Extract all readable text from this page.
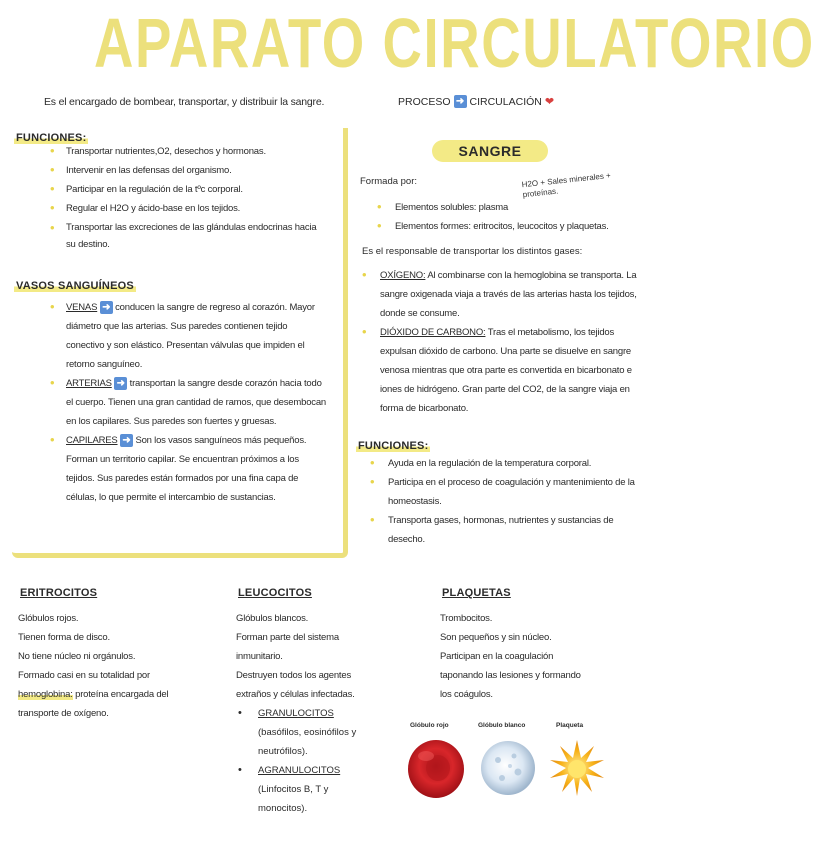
APARATO CIRCULATORIO
Es el encargado de bombear, transportar, y distribuir la sangre.	PROCESO ➜ CIRCULACIÓN ❤
FUNCIONES:
• Transportar nutrientes,O2, desechos y hormonas.
• Intervenir en las defensas del organismo.
• Participar en la regulación de la tºc corporal.
• Regular el H2O y ácido-base en los tejidos.
• Transportar las excreciones de las glándulas endocrinas hacia su destino.
VASOS SANGUÍNEOS
• VENAS ➜ conducen la sangre de regreso al corazón. Mayor diámetro que las arterias. Sus paredes contienen tejido conectivo y son elástico. Presentan válvulas que impiden el retorno sanguíneo.
• ARTERIAS ➜ transportan la sangre desde corazón hacia todo el cuerpo. Tienen una gran cantidad de ramos, que desembocan en los capilares. Sus paredes son fuertes y gruesas.
• CAPILARES ➜ Son los vasos sanguíneos más pequeños. Forman un territorio capilar. Se encuentran próximos a los tejidos. Sus paredes están formados por una fina capa de células, lo que permite el intercambio de sustancias.
SANGRE
Formada por:	H2O + Sales minerales + proteínas.
• Elementos solubles: plasma
• Elementos formes: eritrocitos, leucocitos y plaquetas.
Es el responsable de transportar los distintos gases:
• OXÍGENO: Al combinarse con la hemoglobina se transporta. La sangre oxigenada viaja a través de las arterias hasta los tejidos, donde se consume.
• DIÓXIDO DE CARBONO: Tras el metabolismo, los tejidos expulsan dióxido de carbono. Una parte se disuelve en sangre venosa mientras que otra parte es convertida en bicarbonato e iones de hidrógeno. Gran parte del CO2, de la sangre viaja en forma de bicarbonato.
FUNCIONES:
• Ayuda en la regulación de la temperatura corporal.
• Participa en el proceso de coagulación y mantenimiento de la homeostasis.
• Transporta gases, hormonas, nutrientes y sustancias de desecho.
ERITROCITOS

Glóbulos rojos.

Tienen forma de disco.

No tiene núcleo ni orgánulos.

Formado casi en su totalidad por

hemoglobina: proteína encargada del

transporte de oxígeno.

LEUCOCITOS

Glóbulos blancos.

Forman parte del sistema inmunitario.

Destruyen todos los agentes extraños y células infectadas.

• GRANULOCITOS
(basófilos, eosinófilos y neutrófilos).
• AGRANULOCITOS
(Linfocitos B, T y monocitos).
PLAQUETAS

Trombocitos.

Son pequeños y sin núcleo.

Participan en la coagulación taponando las lesiones y formando los coágulos.

Glóbulo rojo	Glóbulo blanco	Plaqueta
